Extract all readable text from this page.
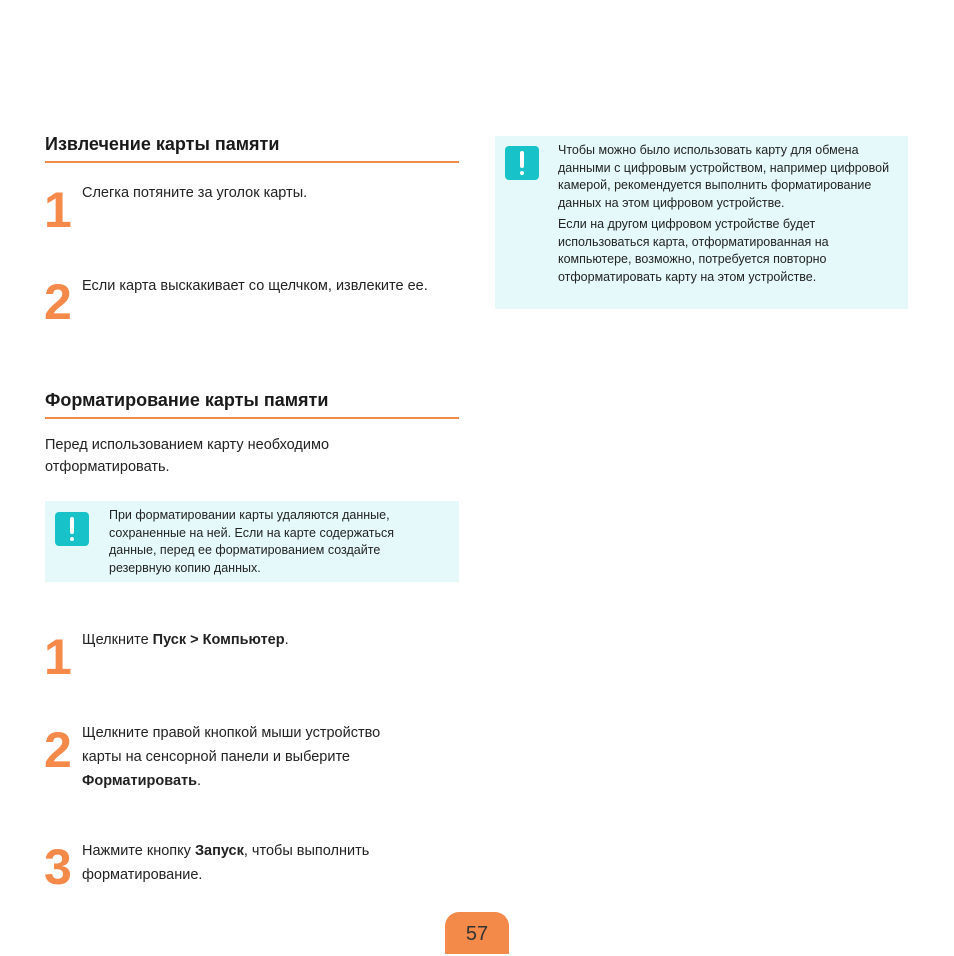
Извлечение карты памяти
1 Слегка потяните за уголок карты.
2 Если карта выскакивает со щелчком, извлеките ее.

Чтобы можно было использовать карту для обмена данными с цифровым устройством, например цифровой камерой, рекомендуется выполнить форматирование данных на этом цифровом устройстве.

Если на другом цифровом устройстве будет использоваться карта, отформатированная на компьютере, возможно, потребуется повторно отформатировать карту на этом устройстве.

Форматирование карты памяти
Перед использованием карту необходимо отформатировать.
При форматировании карты удаляются данные, сохраненные на ней. Если на карте содержаться данные, перед ее форматированием создайте резервную копию данных.
1 Щелкните Пуск > Компьютер.
2 Щелкните правой кнопкой мыши устройство карты на сенсорной панели и выберите Форматировать.
3 Нажмите кнопку Запуск, чтобы выполнить форматирование.
57
